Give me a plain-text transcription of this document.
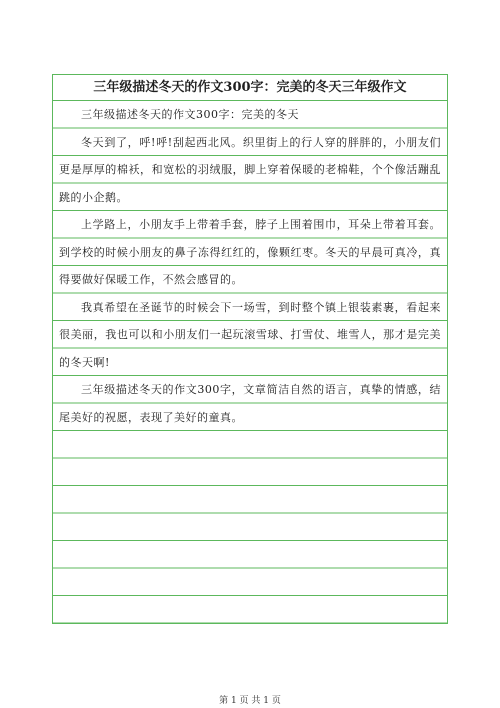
三年级描述冬天的作文300字：完美的冬天三年级作文

三年级描述冬天的作文300字：完美的冬天

冬天到了，呼!呼!刮起西北风。织里街上的行人穿的胖胖的，小朋友们更是厚厚的棉袄，和宽松的羽绒服，脚上穿着保暖的老棉鞋，个个像活蹦乱跳的小企鹅。

上学路上，小朋友手上带着手套，脖子上围着围巾，耳朵上带着耳套。到学校的时候小朋友的鼻子冻得红红的，像颗红枣。冬天的早晨可真冷，真得要做好保暖工作，不然会感冒的。

我真希望在圣诞节的时候会下一场雪，到时整个镇上银装素裹，看起来很美丽，我也可以和小朋友们一起玩滚雪球、打雪仗、堆雪人，那才是完美的冬天啊!

三年级描述冬天的作文300字，文章简洁自然的语言，真挚的情感，结尾美好的祝愿，表现了美好的童真。

第 1 页 共 1 页
